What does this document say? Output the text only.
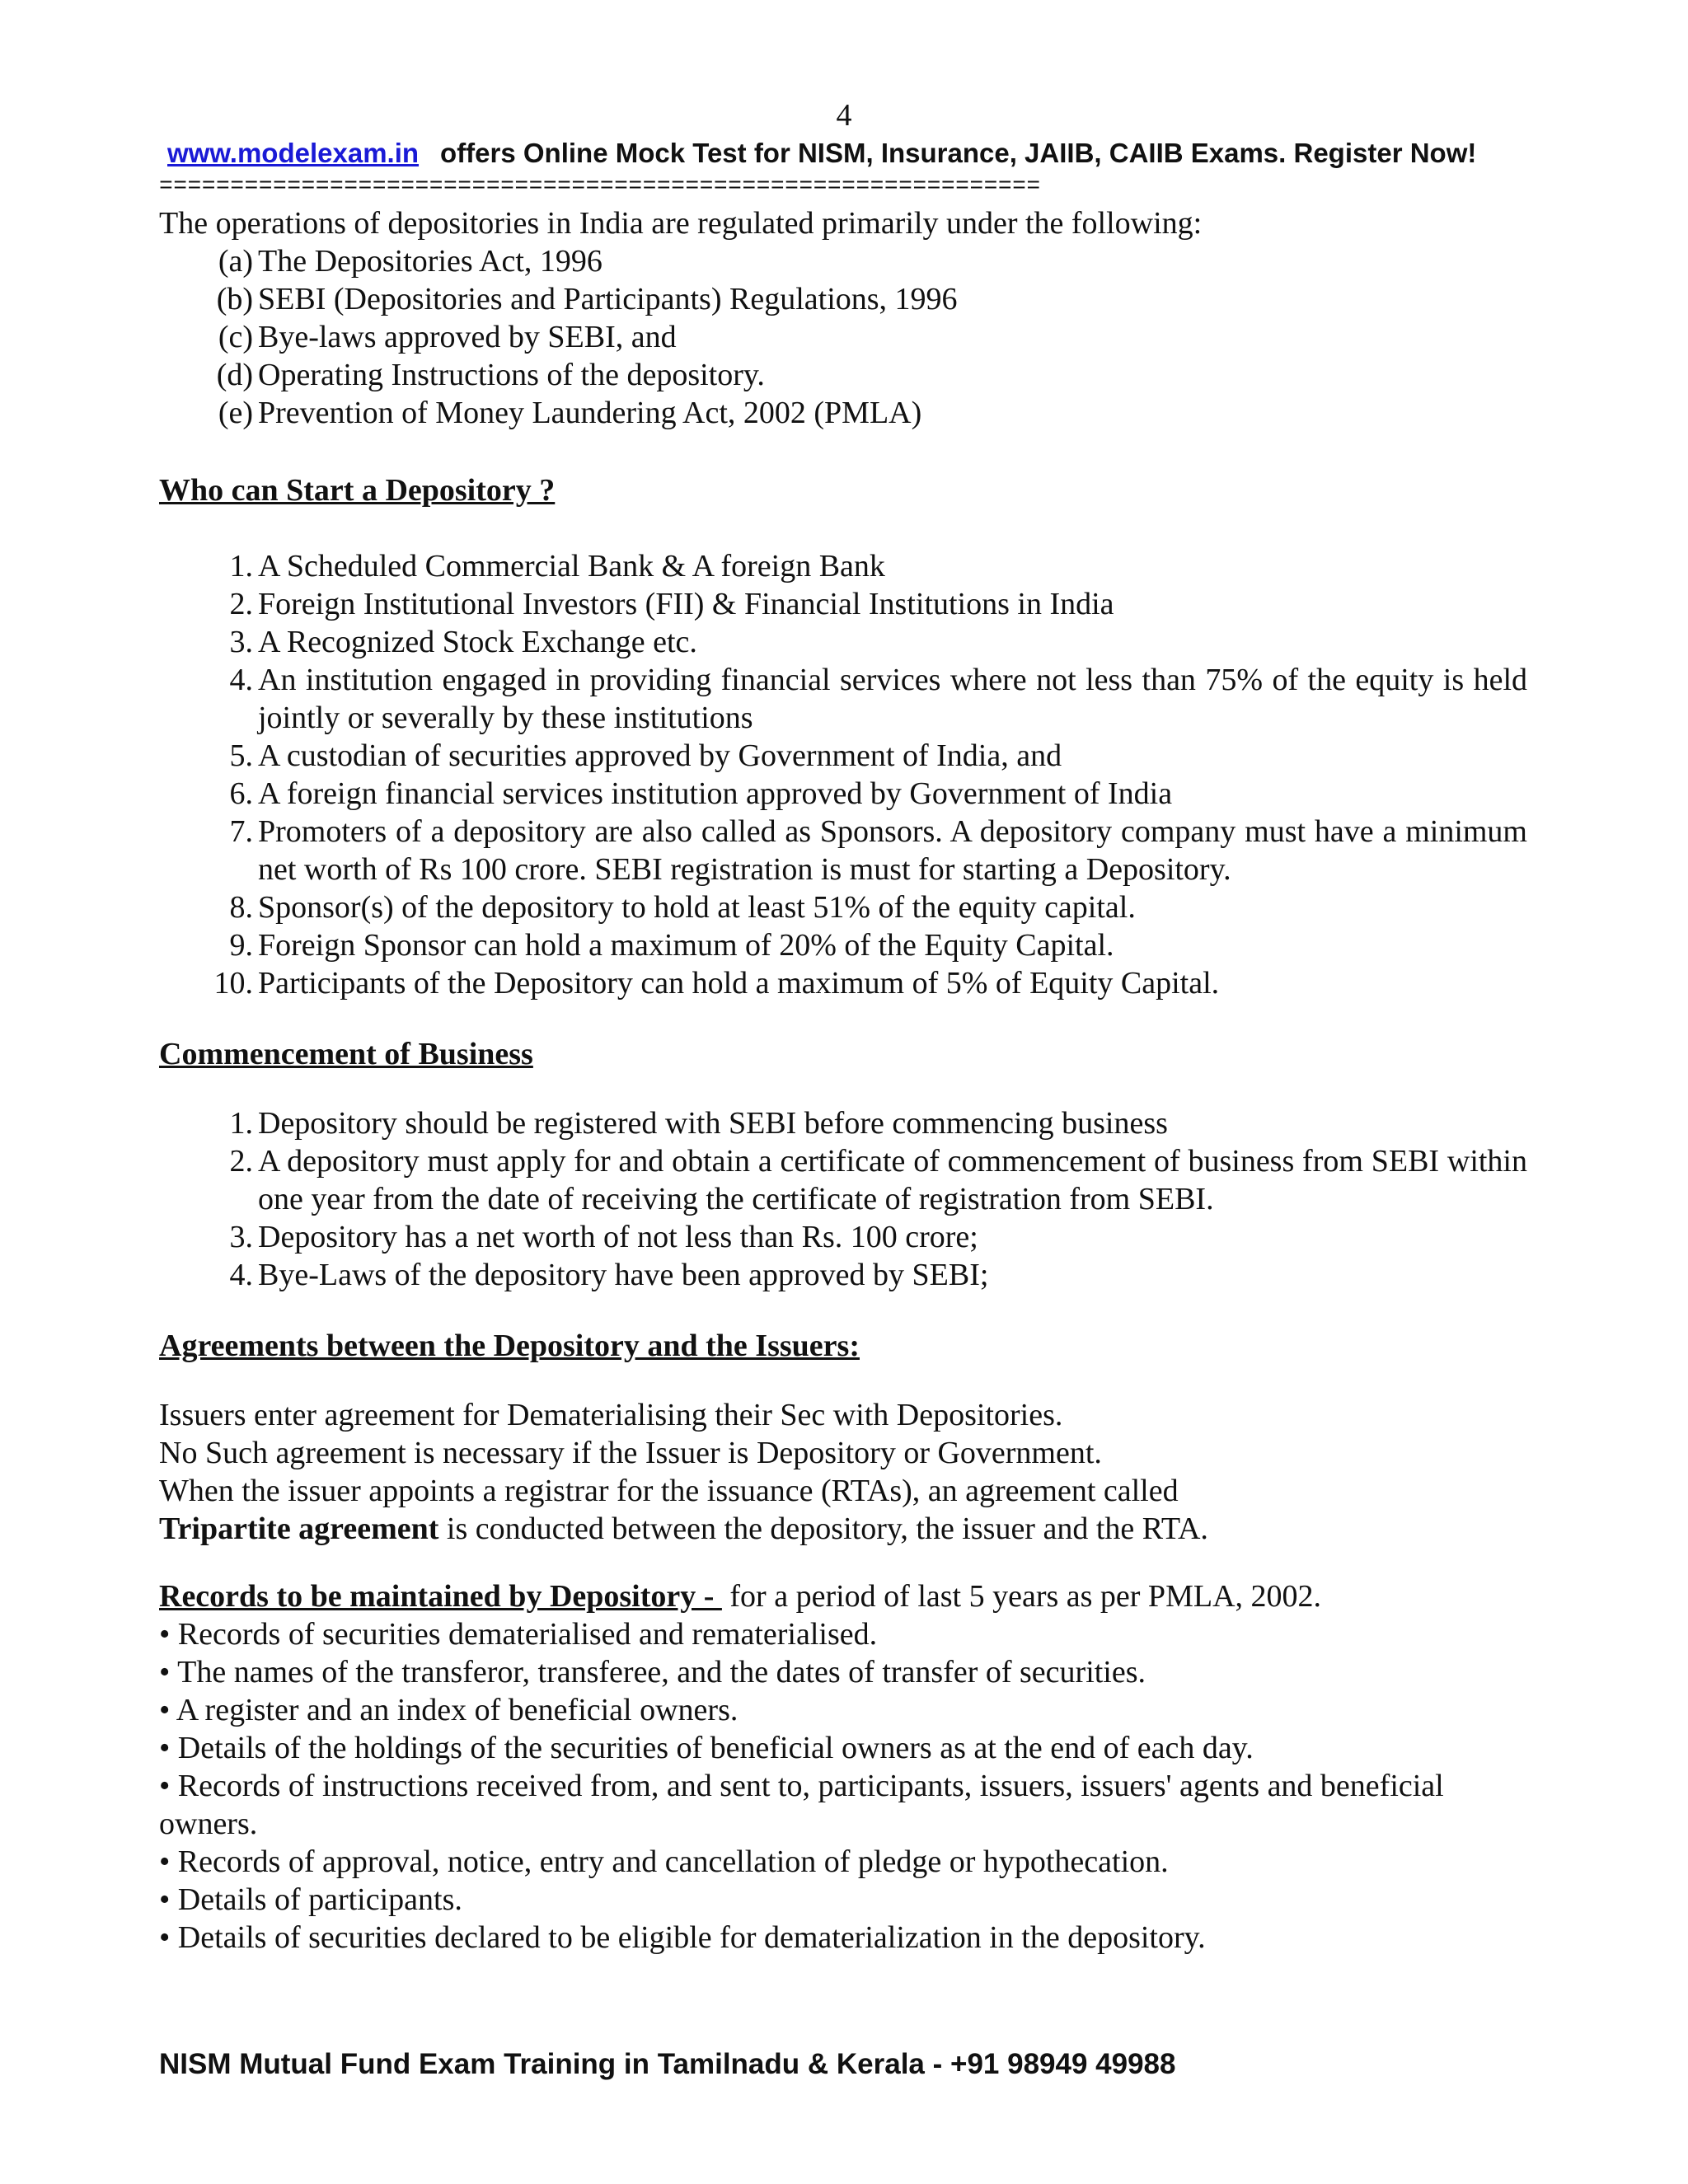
4
www.modelexam.in offers Online Mock Test for NISM, Insurance, JAIIB, CAIIB Exams. Register Now!
==============================================================
The operations of depositories in India are regulated primarily under the following:
(a) The Depositories Act, 1996
(b) SEBI (Depositories and Participants) Regulations, 1996
(c) Bye-laws approved by SEBI, and
(d) Operating Instructions of the depository.
(e) Prevention of Money Laundering Act, 2002 (PMLA)
Who can Start a Depository ?
1. A Scheduled Commercial Bank & A foreign Bank
2. Foreign Institutional Investors (FII) & Financial Institutions in India
3. A Recognized Stock Exchange etc.
4. An institution engaged in providing financial services where not less than 75% of the equity is held jointly or severally by these institutions
5. A custodian of securities approved by Government of India, and
6. A foreign financial services institution approved by Government of India
7. Promoters of a depository are also called as Sponsors. A depository company must have a minimum net worth of Rs 100 crore. SEBI registration is must for starting a Depository.
8. Sponsor(s) of the depository to hold at least 51% of the equity capital.
9. Foreign Sponsor can hold a maximum of 20% of the Equity Capital.
10. Participants of the Depository can hold a maximum of 5% of Equity Capital.
Commencement of Business
1. Depository should be registered with SEBI before commencing business
2. A depository must apply for and obtain a certificate of commencement of business from SEBI within one year from the date of receiving the certificate of registration from SEBI.
3. Depository has a net worth of not less than Rs. 100 crore;
4. Bye-Laws of the depository have been approved by SEBI;
Agreements between the Depository and the Issuers:
Issuers enter agreement for Dematerialising their Sec with Depositories.
No Such agreement is necessary if the Issuer is Depository or Government.
When the issuer appoints a registrar for the issuance (RTAs), an agreement called
Tripartite agreement is conducted between the depository, the issuer and the RTA.
Records to be maintained by Depository -  for a period of last 5 years as per PMLA, 2002.
• Records of securities dematerialised and rematerialised.
• The names of the transferor, transferee, and the dates of transfer of securities.
• A register and an index of beneficial owners.
• Details of the holdings of the securities of beneficial owners as at the end of each day.
• Records of instructions received from, and sent to, participants, issuers, issuers' agents and beneficial
owners.
• Records of approval, notice, entry and cancellation of pledge or hypothecation.
• Details of participants.
• Details of securities declared to be eligible for dematerialization in the depository.
NISM Mutual Fund Exam Training in Tamilnadu & Kerala - +91 98949 49988
